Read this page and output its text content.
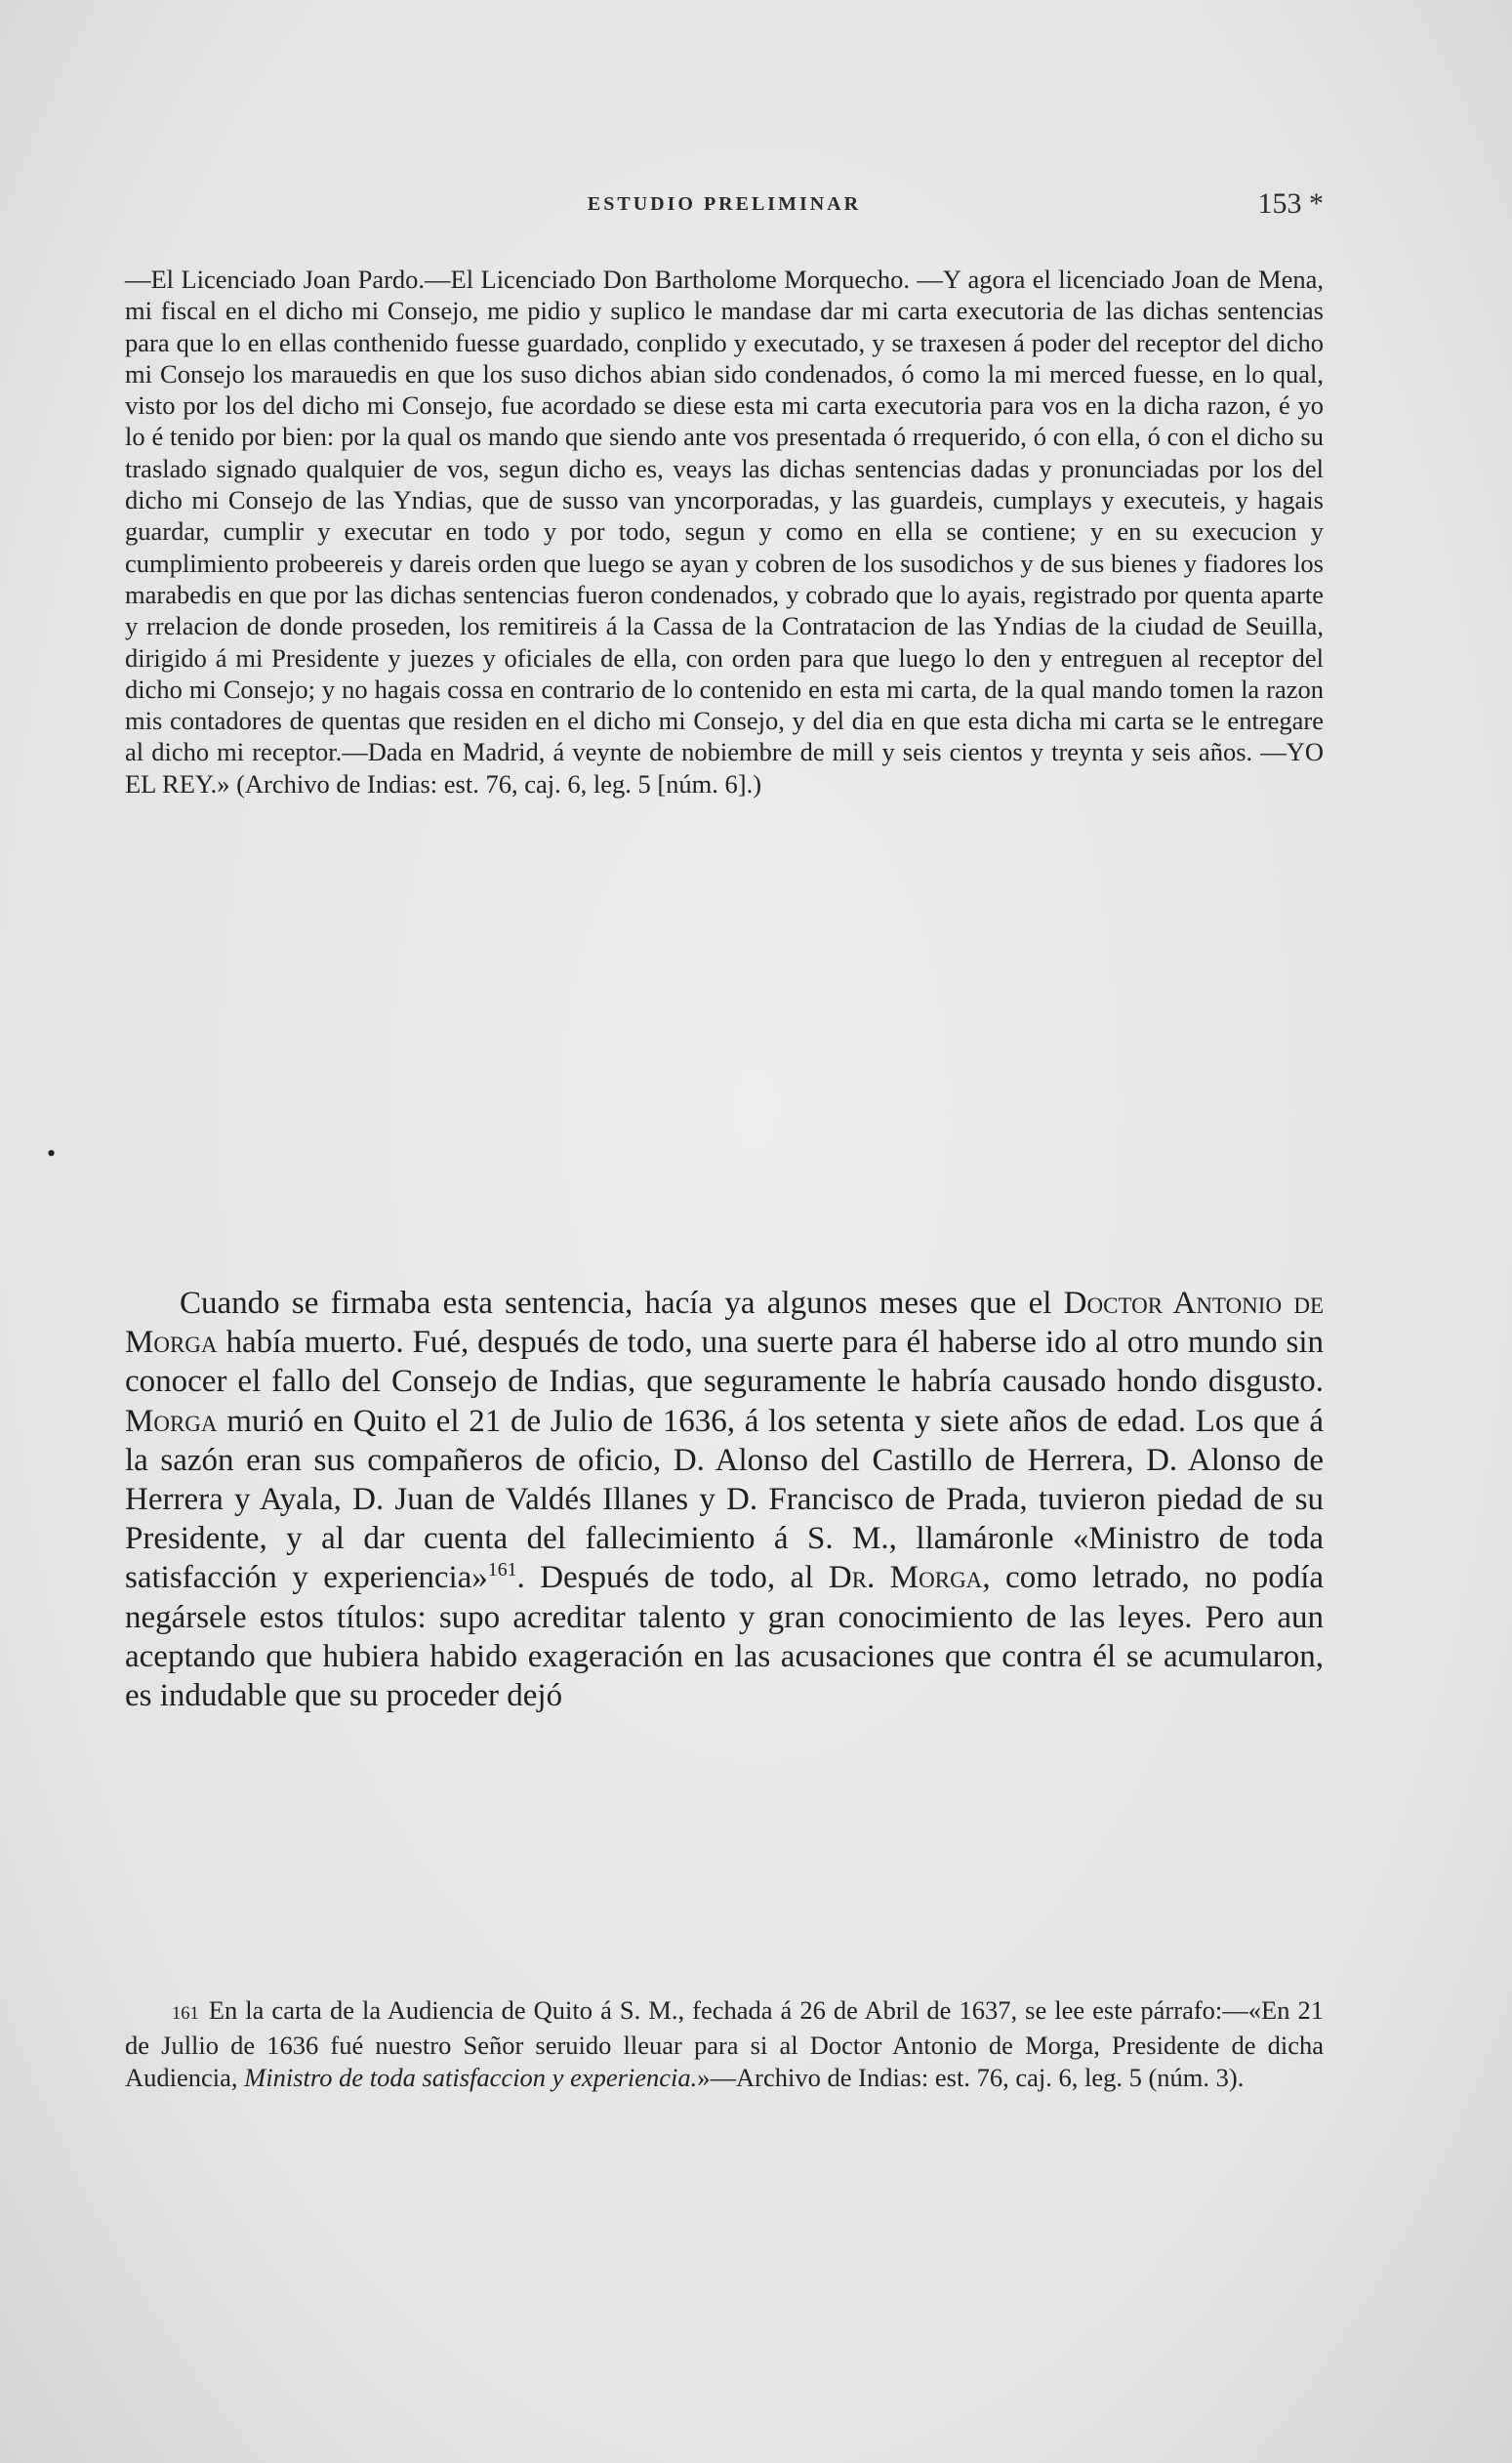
ESTUDIO PRELIMINAR	153 *
•

—El Licenciado Joan Pardo.—El Licenciado Don Bartholome Morquecho. —Y agora el licenciado Joan de Mena, mi fiscal en el dicho mi Consejo, me pidio y suplico le mandase dar mi carta executoria de las dichas sentencias para que lo en ellas conthenido fuesse guardado, conplido y executado, y se traxesen á poder del receptor del dicho mi Consejo los marauedis en que los suso dichos abian sido condenados, ó como la mi merced fuesse, en lo qual, visto por los del dicho mi Consejo, fue acordado se diese esta mi carta executoria para vos en la dicha razon, é yo lo é tenido por bien: por la qual os mando que siendo ante vos presentada ó rrequerido, ó con ella, ó con el dicho su traslado signado qualquier de vos, segun dicho es, veays las dichas sentencias dadas y pronunciadas por los del dicho mi Consejo de las Yndias, que de susso van yncorporadas, y las guardeis, cumplays y executeis, y hagais guardar, cumplir y executar en todo y por todo, segun y como en ella se contiene; y en su execucion y cumplimiento probeereis y dareis orden que luego se ayan y cobren de los susodichos y de sus bienes y fiadores los marabedis en que por las dichas sentencias fueron condenados, y cobrado que lo ayais, registrado por quenta aparte y rrelacion de donde proseden, los remitireis á la Cassa de la Contratacion de las Yndias de la ciudad de Seuilla, dirigido á mi Presidente y juezes y oficiales de ella, con orden para que luego lo den y entreguen al receptor del dicho mi Consejo; y no hagais cossa en contrario de lo contenido en esta mi carta, de la qual mando tomen la razon mis contadores de quentas que residen en el dicho mi Consejo, y del dia en que esta dicha mi carta se le entregare al dicho mi receptor.—Dada en Madrid, á veynte de nobiembre de mill y seis cientos y treynta y seis años. —YO EL REY.» (Archivo de Indias: est. 76, caj. 6, leg. 5 [núm. 6].)

Cuando se firmaba esta sentencia, hacía ya algunos meses que el Doctor Antonio de Morga había muerto. Fué, después de todo, una suerte para él haberse ido al otro mundo sin conocer el fallo del Consejo de Indias, que seguramente le habría causado hondo disgusto. Morga murió en Quito el 21 de Julio de 1636, á los setenta y siete años de edad. Los que á la sazón eran sus compañeros de oficio, D. Alonso del Castillo de Herrera, D. Alonso de Herrera y Ayala, D. Juan de Valdés Illanes y D. Francisco de Prada, tuvieron piedad de su Presidente, y al dar cuenta del fallecimiento á S. M., llamáronle «Ministro de toda satisfacción y experiencia»$^{161}$. Después de todo, al Dr. Morga, como letrado, no podía negársele estos títulos: supo acreditar talento y gran conocimiento de las leyes. Pero aun aceptando que hubiera habido exageración en las acusaciones que contra él se acumularon, es indudable que su proceder dejó

161 En la carta de la Audiencia de Quito á S. M., fechada á 26 de Abril de 1637, se lee este párrafo:—«En 21 de Jullio de 1636 fué nuestro Señor seruido lleuar para si al Doctor Antonio de Morga, Presidente de dicha Audiencia, Ministro de toda satisfaccion y experiencia.»—Archivo de Indias: est. 76, caj. 6, leg. 5 (núm. 3).
